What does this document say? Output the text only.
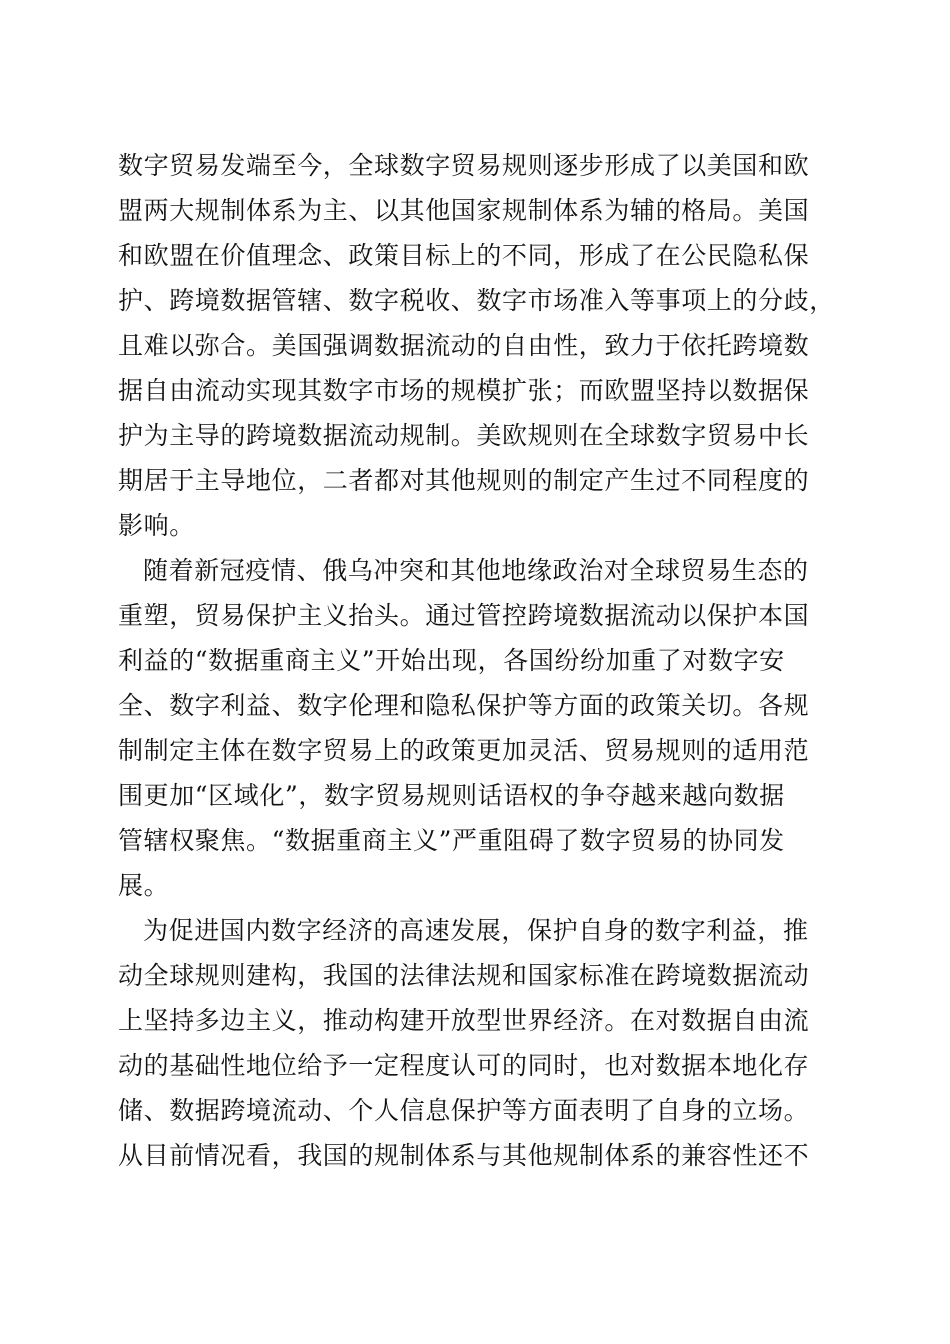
数字贸易发端至今，全球数字贸易规则逐步形成了以美国和欧
盟两大规制体系为主、以其他国家规制体系为辅的格局。美国
和欧盟在价值理念、政策目标上的不同，形成了在公民隐私保
护、跨境数据管辖、数字税收、数字市场准入等事项上的分歧，
且难以弥合。美国强调数据流动的自由性，致力于依托跨境数
据自由流动实现其数字市场的规模扩张；而欧盟坚持以数据保
护为主导的跨境数据流动规制。美欧规则在全球数字贸易中长
期居于主导地位，二者都对其他规则的制定产生过不同程度的
影响。
随着新冠疫情、俄乌冲突和其他地缘政治对全球贸易生态的
重塑，贸易保护主义抬头。通过管控跨境数据流动以保护本国
利益的“数据重商主义”开始出现，各国纷纷加重了对数字安
全、数字利益、数字伦理和隐私保护等方面的政策关切。各规
制制定主体在数字贸易上的政策更加灵活、贸易规则的适用范
围更加“区域化”，数字贸易规则话语权的争夺越来越向数据
管辖权聚焦。“数据重商主义”严重阻碍了数字贸易的协同发
展。
为促进国内数字经济的高速发展，保护自身的数字利益，推
动全球规则建构，我国的法律法规和国家标准在跨境数据流动
上坚持多边主义，推动构建开放型世界经济。在对数据自由流
动的基础性地位给予一定程度认可的同时，也对数据本地化存
储、数据跨境流动、个人信息保护等方面表明了自身的立场。
从目前情况看，我国的规制体系与其他规制体系的兼容性还不
